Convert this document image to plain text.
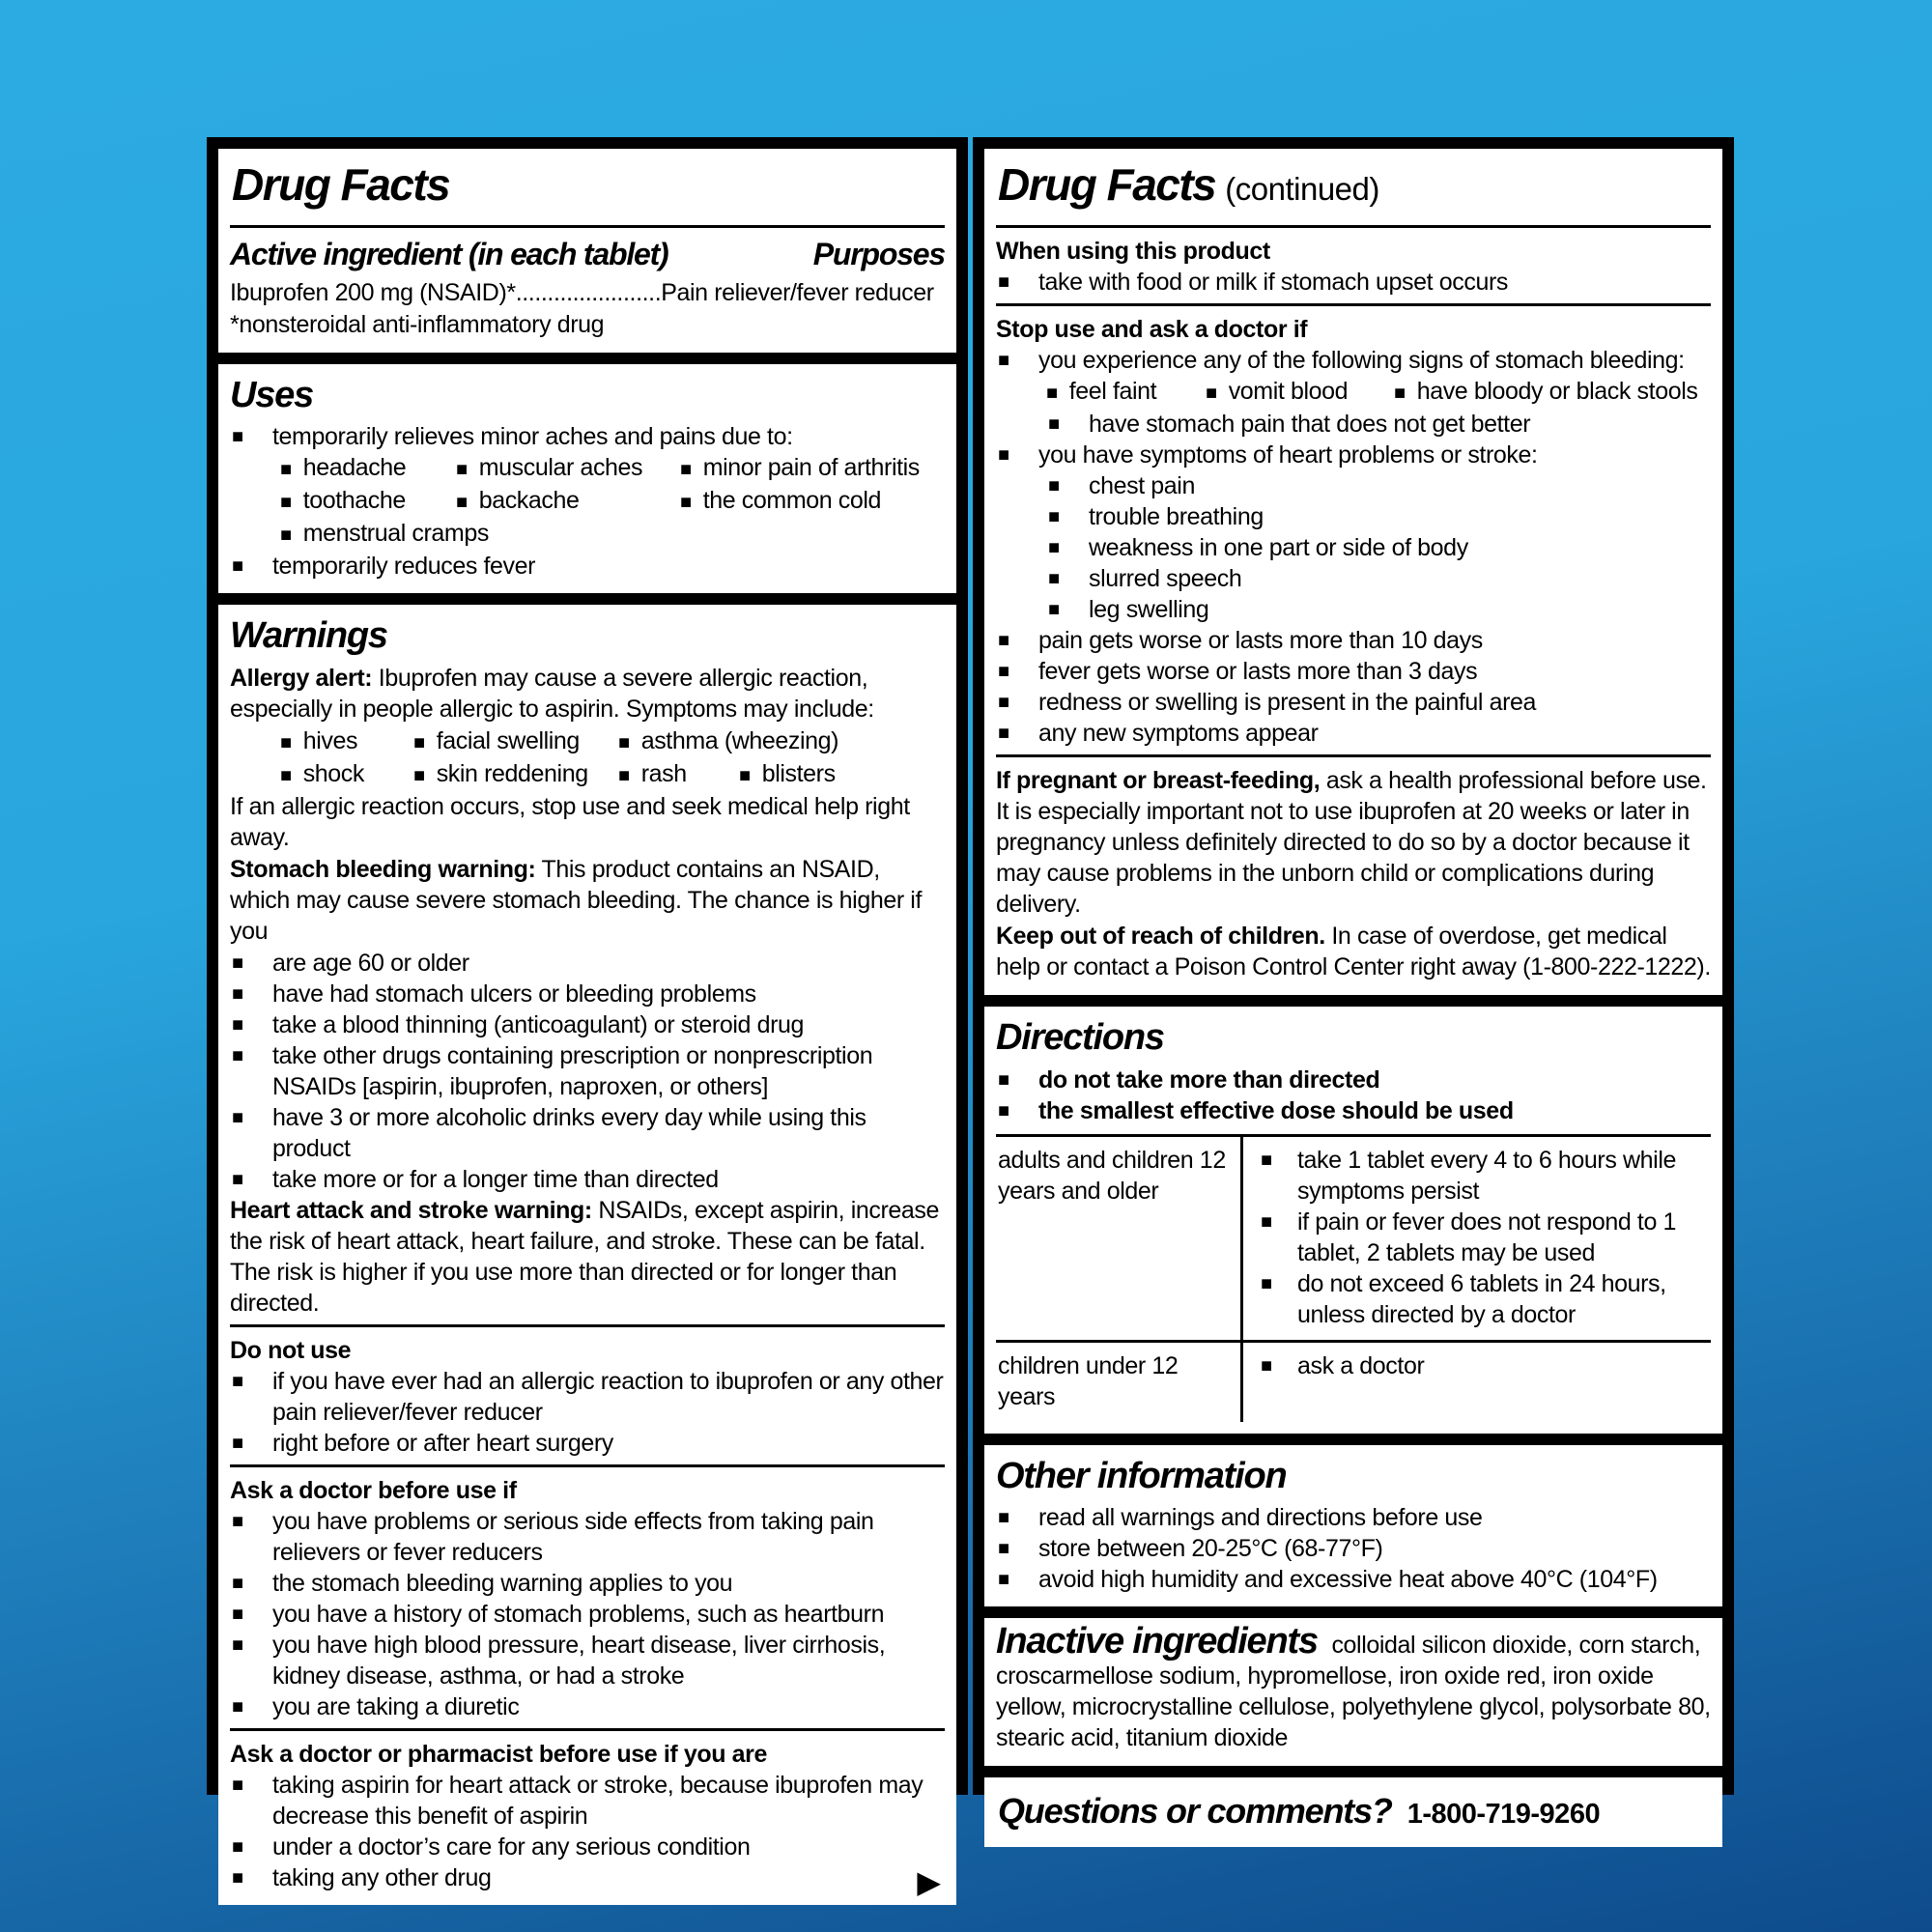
Drug Facts
Active ingredient (in each tablet)	Purposes
Ibuprofen 200 mg (NSAID)*.......................Pain reliever/fever reducer
*nonsteroidal anti-inflammatory drug
Uses
■ temporarily relieves minor aches and pains due to:
■ headache	■ muscular aches ■ minor pain of arthritis
■ toothache	■ backache	■ the common cold
■ menstrual cramps
■ temporarily reduces fever
Warnings
Allergy alert: Ibuprofen may cause a severe allergic reaction, especially in people allergic to aspirin. Symptoms may include:
■ hives	■ facial swelling ■ asthma (wheezing)
■ shock	■ skin reddening ■ rash	■ blisters
If an allergic reaction occurs, stop use and seek medical help right away.
Stomach bleeding warning: This product contains an NSAID, which may cause severe stomach bleeding. The chance is higher if you
■ are age 60 or older
■ have had stomach ulcers or bleeding problems
■ take a blood thinning (anticoagulant) or steroid drug
■ take other drugs containing prescription or nonprescription NSAIDs [aspirin, ibuprofen, naproxen, or others]
■ have 3 or more alcoholic drinks every day while using this product
■ take more or for a longer time than directed
Heart attack and stroke warning: NSAIDs, except aspirin, increase the risk of heart attack, heart failure, and stroke. These can be fatal. The risk is higher if you use more than directed or for longer than directed.
Do not use
■ if you have ever had an allergic reaction to ibuprofen or any other pain reliever/fever reducer
■ right before or after heart surgery
Ask a doctor before use if
■ you have problems or serious side effects from taking pain relievers or fever reducers
■ the stomach bleeding warning applies to you
■ you have a history of stomach problems, such as heartburn
■ you have high blood pressure, heart disease, liver cirrhosis, kidney disease, asthma, or had a stroke
■ you are taking a diuretic
Ask a doctor or pharmacist before use if you are
■ taking aspirin for heart attack or stroke, because ibuprofen may decrease this benefit of aspirin
■ under a doctor’s care for any serious condition
■ taking any other drug	▶
Drug Facts (continued)
When using this product
■ take with food or milk if stomach upset occurs
Stop use and ask a doctor if
■ you experience any of the following signs of stomach bleeding:
■ feel faint	■ vomit blood ■ have bloody or black stools
■ have stomach pain that does not get better
■ you have symptoms of heart problems or stroke:
■ chest pain
■ trouble breathing
■ weakness in one part or side of body
■ slurred speech
■ leg swelling
■ pain gets worse or lasts more than 10 days
■ fever gets worse or lasts more than 3 days
■ redness or swelling is present in the painful area
■ any new symptoms appear
If pregnant or breast-feeding, ask a health professional before use. It is especially important not to use ibuprofen at 20 weeks or later in pregnancy unless definitely directed to do so by a doctor because it may cause problems in the unborn child or complications during delivery.
Keep out of reach of children. In case of overdose, get medical help or contact a Poison Control Center right away (1-800-222-1222).
Directions
■ do not take more than directed
■ the smallest effective dose should be used
adults and children 12 years and older
■ take 1 tablet every 4 to 6 hours while symptoms persist
■ if pain or fever does not respond to 1 tablet, 2 tablets may be used
■ do not exceed 6 tablets in 24 hours, unless directed by a doctor
children under 12 years
■ ask a doctor
Other information
■ read all warnings and directions before use
■ store between 20-25°C (68-77°F)
■ avoid high humidity and excessive heat above 40°C (104°F)
Inactive ingredients colloidal silicon dioxide, corn starch, croscarmellose sodium, hypromellose, iron oxide red, iron oxide yellow, microcrystalline cellulose, polyethylene glycol, polysorbate 80, stearic acid, titanium dioxide
Questions or comments? 1-800-719-9260
